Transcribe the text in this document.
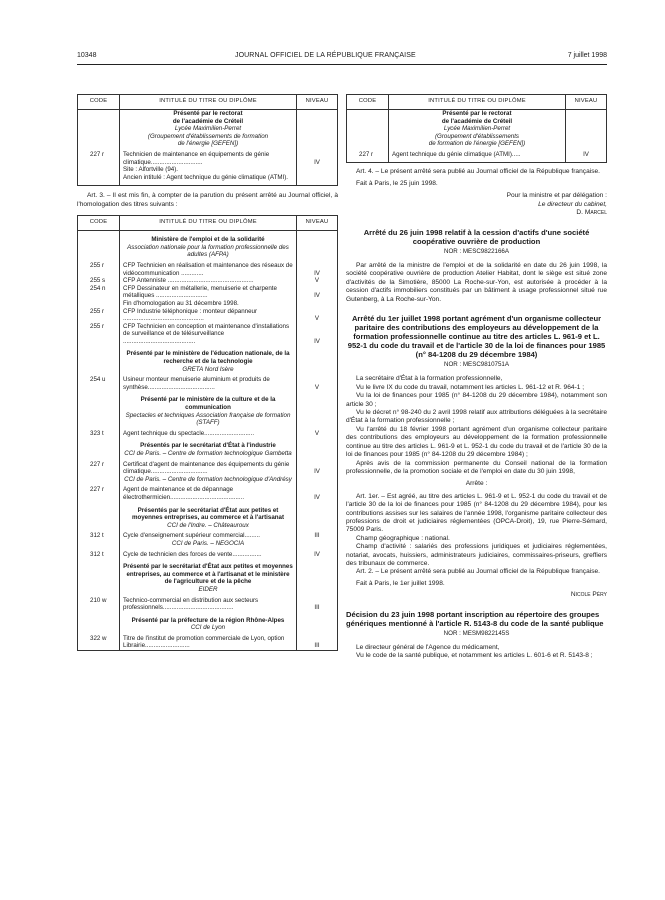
10348	JOURNAL OFFICIEL DE LA RÉPUBLIQUE FRANÇAISE	7 juillet 1998
CODE	INTITULÉ DU TITRE OU DIPLÔME	NIVEAU
	Présenté par le rectorat
de l'académie de Créteil	
	Lycée Maximilien-Perret
(Groupement d'établissements de formation
de l'énergie [GEFEN])	
227 r	Technicien de maintenance en équipements de génie climatique..............................	IV
	Site : Alfortville (94).	
	Ancien intitulé : Agent technique du génie climatique (ATMI).	

Art. 3. – Il est mis fin, à compter de la parution du présent arrêté au Journal officiel, à l'homologation des titres suivants :

CODE	INTITULÉ DU TITRE OU DIPLÔME	NIVEAU
	Ministère de l'emploi et de la solidarité	
	Association nationale pour la formation professionnelle des adultes (AFPA)	
255 r	CFP Technicien en réalisation et maintenance des réseaux de vidéocommunication .............	IV
255 s	CFP Antenniste ..................................................	V
254 n	CFP Dessinateur en métallerie, menuiserie et charpente métalliques ..............................	IV
	Fin d'homologation au 31 décembre 1998.	
255 r	CFP Industrie téléphonique : monteur dépanneur ...............................................	V
255 r	CFP Technicien en conception et maintenance d'installations de surveillance et de télésurveillance ..........................................	IV
	Présenté par le ministère de l'éducation nationale, de la recherche et de la technologie	
	GRETA Nord Isère	
254 u	Usineur monteur menuiserie aluminium et produits de synthèse.......................................	V
	Présenté par le ministère de la culture et de la communication	
	Spectacles et techniques Association française de formation (STAFF)	
323 t	Agent technique du spectacle.............................	V
	Présentés par le secrétariat d'État à l'industrie	
	CCI de Paris. – Centre de formation technologique Gambetta	
227 r	Certificat d'agent de maintenance des équipements du génie climatique.................................	IV
	CCI de Paris. – Centre de formation technologique d'Andrésy	
227 r	Agent de maintenance et de dépannage électrothermicien...........................................	IV
	Présentés par le secrétariat d'État aux petites et moyennes entreprises, au commerce et à l'artisanat	
	CCI de l'Indre. – Châteauroux	
312 t	Cycle d'enseignement supérieur commercial.........	III
	CCI de Paris. – NEGOCIA	
312 t	Cycle de technicien des forces de vente.................	IV
	Présenté par le secrétariat d'État aux petites et moyennes entreprises, au commerce et à l'artisanat et le ministère de l'agriculture et de la pêche	
	EIDER	
210 w	Technico-commercial en distribution aux secteurs professionnels.........................................	III
	Présenté par la préfecture de la région Rhône-Alpes	
	CCI de Lyon	
322 w	Titre de l'institut de promotion commerciale de Lyon, option Librairie..........................	III
CODE	INTITULÉ DU TITRE OU DIPLÔME	NIVEAU
	Présenté par le rectorat
de l'académie de Créteil	
	Lycée Maximilien-Perret
(Groupement d'établissements
de formation de l'énergie [GEFEN])	
227 r	Agent technique du génie climatique (ATMI).....	IV

Art. 4. – Le présent arrêté sera publié au Journal officiel de la République française.

Fait à Paris, le 25 juin 1998.

Pour la ministre et par délégation :

Le directeur du cabinet,

D. Marcel

Arrêté du 26 juin 1998 relatif à la cession d'actifs d'une société coopérative ouvrière de production
NOR : MESC9822166A

Par arrêté de la ministre de l'emploi et de la solidarité en date du 26 juin 1998, la société coopérative ouvrière de production Atelier Habitat, dont le siège est situé zone d'activités de la Simotière, 85000 La Roche-sur-Yon, est autorisée à procéder à la cession d'actifs immobiliers constitués par un bâtiment à usage professionnel situé rue Gutenberg, à La Roche-sur-Yon.

Arrêté du 1er juillet 1998 portant agrément d'un organisme collecteur paritaire des contributions des employeurs au développement de la formation professionnelle continue au titre des articles L. 961-9 et L. 952-1 du code du travail et de l'article 30 de la loi de finances pour 1985 (n° 84-1208 du 29 décembre 1984)
NOR : MESC9810751A

La secrétaire d'État à la formation professionnelle,

Vu le livre IX du code du travail, notamment les articles L. 961-12 et R. 964-1 ;

Vu la loi de finances pour 1985 (n° 84-1208 du 29 décembre 1984), notamment son article 30 ;

Vu le décret n° 98-240 du 2 avril 1998 relatif aux attributions déléguées à la secrétaire d'État à la formation professionnelle ;

Vu l'arrêté du 18 février 1998 portant agrément d'un organisme collecteur paritaire des contributions des employeurs au développement de la formation professionnelle continue au titre des articles L. 961-9 et L. 952-1 du code du travail et de l'article 30 de la loi de finances pour 1985 (n° 84-1208 du 29 décembre 1984) ;

Après avis de la commission permanente du Conseil national de la formation professionnelle, de la promotion sociale et de l'emploi en date du 30 juin 1998,

Arrête :

Art. 1er. – Est agréé, au titre des articles L. 961-9 et L. 952-1 du code du travail et de l'article 30 de la loi de finances pour 1985 (n° 84-1208 du 29 décembre 1984), pour les contributions assises sur les salaires de l'année 1998, l'organisme paritaire collecteur des professions de droit et judiciaires réglementées (OPCA-Droit), 19, rue Pierre-Sémard, 75009 Paris.

Champ géographique : national.

Champ d'activité : salariés des professions juridiques et judiciaires réglementées, notariat, avocats, huissiers, administrateurs judiciaires, commissaires-priseurs, greffiers des tribunaux de commerce.

Art. 2. – Le présent arrêté sera publié au Journal officiel de la République française.

Fait à Paris, le 1er juillet 1998.

Nicole Péry

Décision du 23 juin 1998 portant inscription au répertoire des groupes génériques mentionné à l'article R. 5143-8 du code de la santé publique
NOR : MESM9822145S

Le directeur général de l'Agence du médicament,

Vu le code de la santé publique, et notamment les articles L. 601-6 et R. 5143-8 ;
